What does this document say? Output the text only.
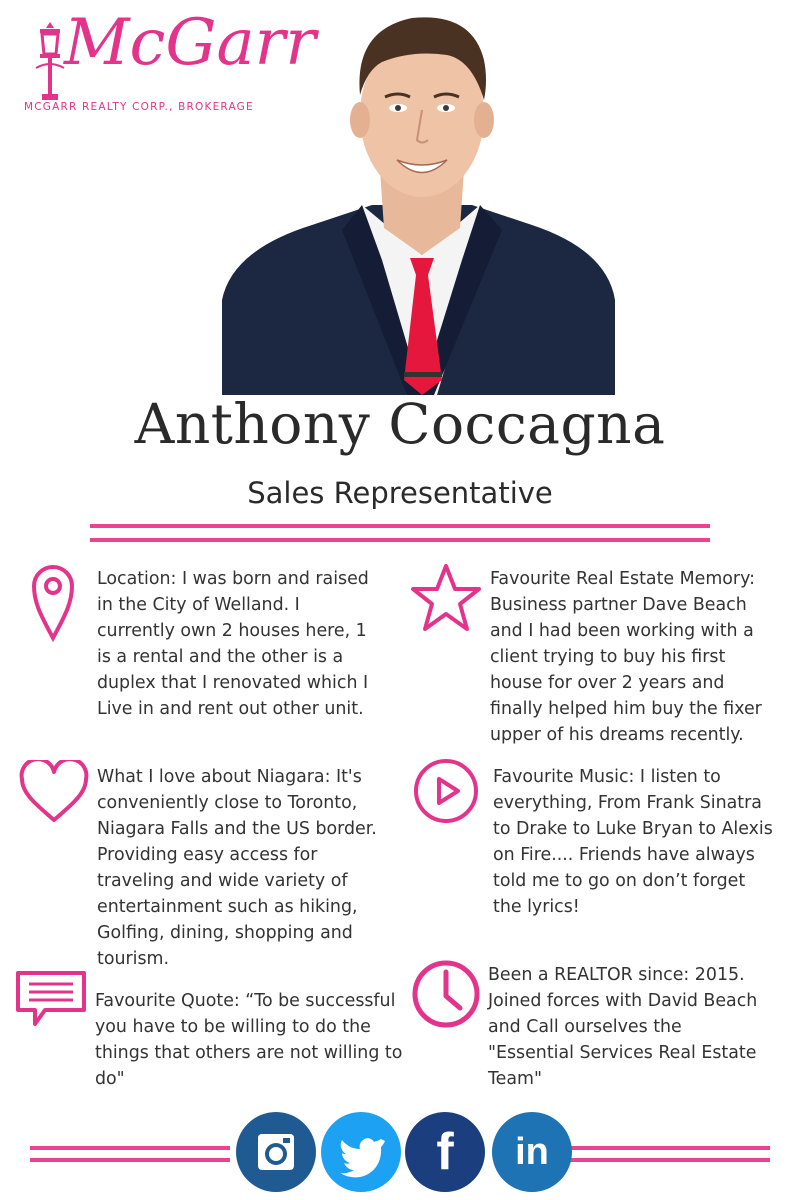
McGarr
MCGARR REALTY CORP., BROKERAGE
Anthony Coccagna
Sales Representative
Location: I was born and raised in the City of Welland. I currently own 2 houses here, 1 is a rental and the other is a duplex that I renovated which I Live in and rent out other unit.
Favourite Real Estate Memory: Business partner Dave Beach and I had been working with a client trying to buy his first house for over 2 years and finally helped him buy the fixer upper of his dreams recently.
What I love about Niagara: It's conveniently close to Toronto, Niagara Falls and the US border. Providing easy access for traveling and wide variety of entertainment such as hiking, Golfing, dining, shopping and tourism.
Favourite Music: I listen to everything, From Frank Sinatra to Drake to Luke Bryan to Alexis on Fire.... Friends have always told me to go on don’t forget the lyrics!
Favourite Quote: “To be successful you have to be willing to do the things that others are not willing to do"
Been a REALTOR since: 2015. Joined forces with David Beach and Call ourselves the "Essential Services Real Estate Team"
f	in
